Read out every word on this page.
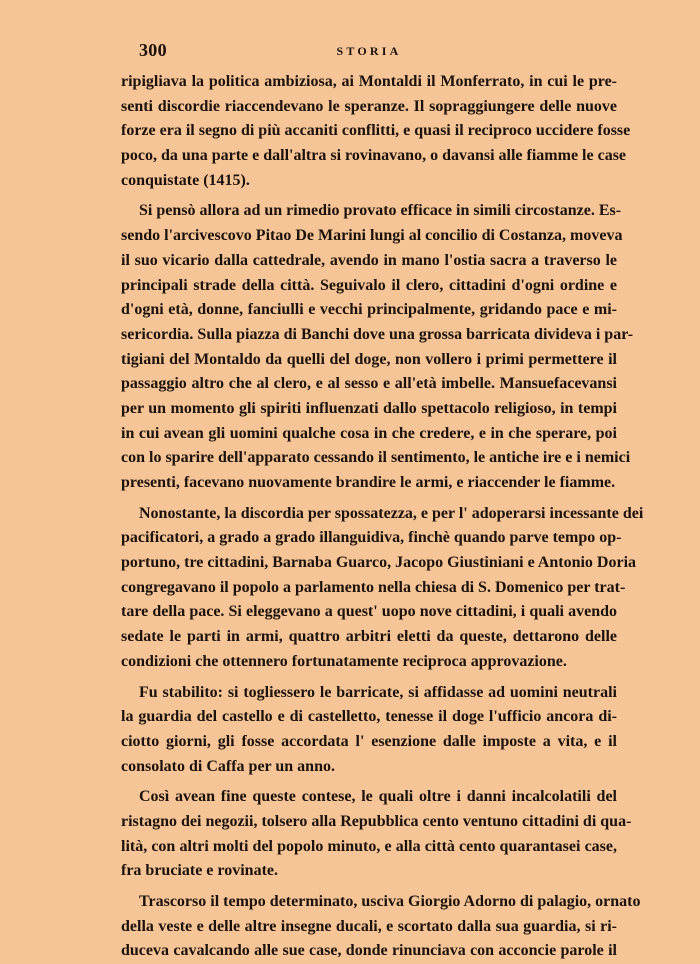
300	STORIA
ripigliava la politica ambiziosa, ai Montaldi il Monferrato, in cui le pre-
senti discordie riaccendevano le speranze. Il sopraggiungere delle nuove
forze era il segno di più accaniti conflitti, e quasi il reciproco uccidere fosse
poco, da una parte e dall'altra si rovinavano, o davansi alle fiamme le case
conquistate (1415).
Si pensò allora ad un rimedio provato efficace in simili circostanze. Es-
sendo l'arcivescovo Pitao De Marini lungi al concilio di Costanza, moveva
il suo vicario dalla cattedrale, avendo in mano l'ostia sacra a traverso le
principali strade della città. Seguivalo il clero, cittadini d'ogni ordine e
d'ogni età, donne, fanciulli e vecchi principalmente, gridando pace e mi-
sericordia. Sulla piazza di Banchi dove una grossa barricata divideva i par-
tigiani del Montaldo da quelli del doge, non vollero i primi permettere il
passaggio altro che al clero, e al sesso e all'età imbelle. Mansuefacevansi
per un momento gli spiriti influenzati dallo spettacolo religioso, in tempi
in cui avean gli uomini qualche cosa in che credere, e in che sperare, poi
con lo sparire dell'apparato cessando il sentimento, le antiche ire e i nemici
presenti, facevano nuovamente brandire le armi, e riaccender le fiamme.
Nonostante, la discordia per spossatezza, e per l' adoperarsi incessante dei
pacificatori, a grado a grado illanguidiva, finchè quando parve tempo op-
portuno, tre cittadini, Barnaba Guarco, Jacopo Giustiniani e Antonio Doria
congregavano il popolo a parlamento nella chiesa di S. Domenico per trat-
tare della pace. Si eleggevano a quest' uopo nove cittadini, i quali avendo
sedate le parti in armi, quattro arbitri eletti da queste, dettarono delle
condizioni che ottennero fortunatamente reciproca approvazione.
Fu stabilito: si togliessero le barricate, si affidasse ad uomini neutrali
la guardia del castello e di castelletto, tenesse il doge l'ufficio ancora di-
ciotto giorni, gli fosse accordata l' esenzione dalle imposte a vita, e il
consolato di Caffa per un anno.
Così avean fine queste contese, le quali oltre i danni incalcolatili del
ristagno dei negozii, tolsero alla Repubblica cento ventuno cittadini di qua-
lità, con altri molti del popolo minuto, e alla città cento quarantasei case,
fra bruciate e rovinate.
Trascorso il tempo determinato, usciva Giorgio Adorno di palagio, ornato
della veste e delle altre insegne ducali, e scortato dalla sua guardia, si ri-
duceva cavalcando alle sue case, donde rinunciava con acconcie parole il
